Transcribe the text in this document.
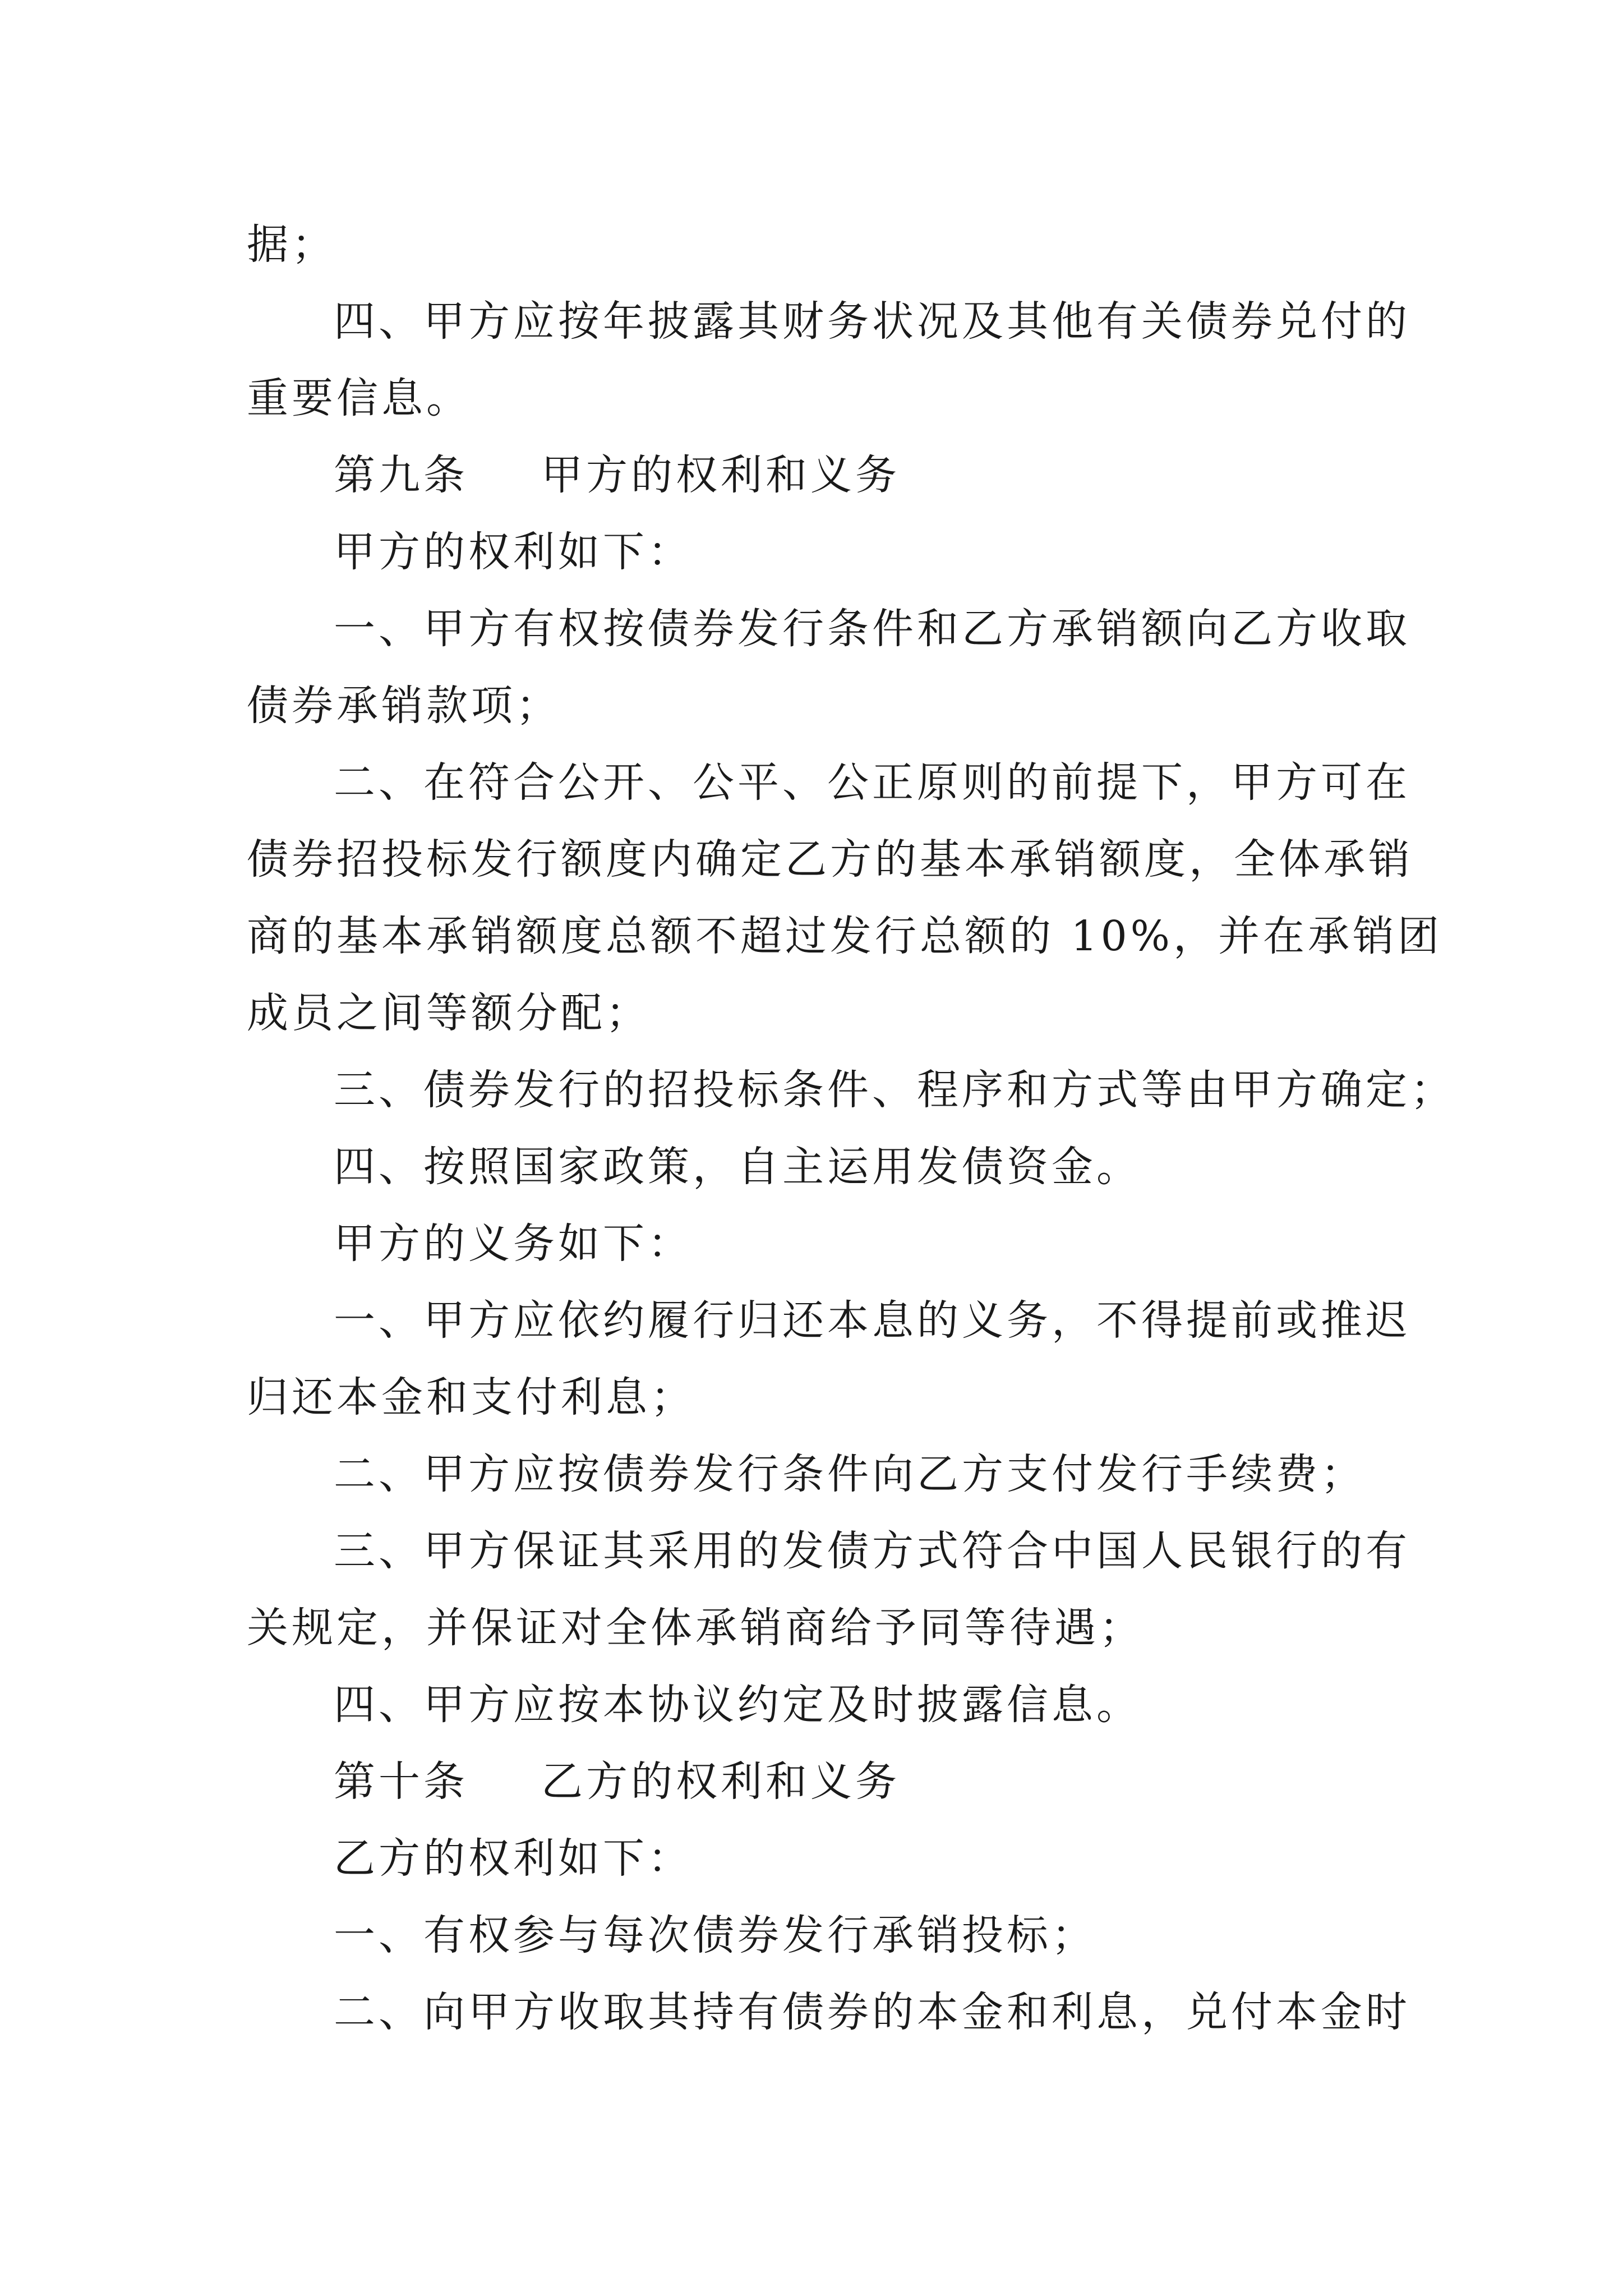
据；
四、甲方应按年披露其财务状况及其他有关债券兑付的
重要信息。
第九条 甲方的权利和义务
甲方的权利如下：
一、甲方有权按债券发行条件和乙方承销额向乙方收取
债券承销款项；
二、在符合公开、公平、公正原则的前提下，甲方可在
债券招投标发行额度内确定乙方的基本承销额度，全体承销
商的基本承销额度总额不超过发行总额的 10%，并在承销团
成员之间等额分配；
三、债券发行的招投标条件、程序和方式等由甲方确定；
四、按照国家政策，自主运用发债资金。
甲方的义务如下：
一、甲方应依约履行归还本息的义务，不得提前或推迟
归还本金和支付利息；
二、甲方应按债券发行条件向乙方支付发行手续费；
三、甲方保证其采用的发债方式符合中国人民银行的有
关规定，并保证对全体承销商给予同等待遇；
四、甲方应按本协议约定及时披露信息。
第十条 乙方的权利和义务
乙方的权利如下：
一、有权参与每次债券发行承销投标；
二、向甲方收取其持有债券的本金和利息，兑付本金时
